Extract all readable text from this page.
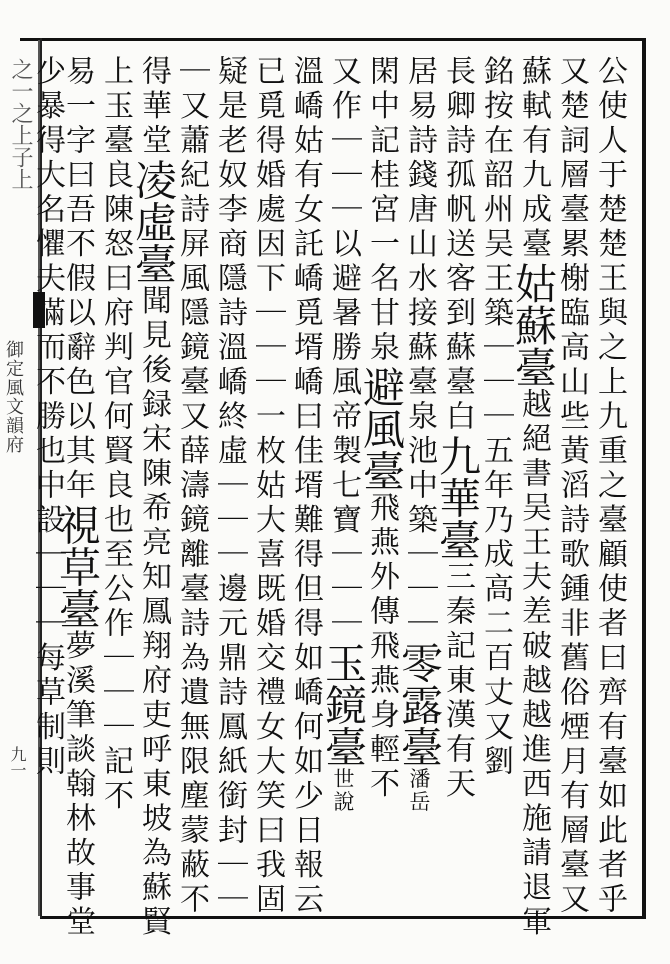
之一之上子上
御定風文韻府
九一	公使人于楚楚王與之上九重之臺顧使者曰齊有臺如此者乎
又楚詞層臺累榭臨高山些黃滔詩歌鍾非舊俗煙月有層臺又
蘇軾有九成臺姑蘇臺越絕書吴王夫差破越越進西施請退軍
銘按在韶州吴王築｜｜｜五年乃成高二百丈又劉
長卿詩孤帆送客到蘇臺白九華臺三秦記東漢有天
居易詩錢唐山水接蘇臺泉池中築｜｜｜零露臺潘岳
閑中記桂宮一名甘泉避風臺飛燕外傳飛燕身輕不
又作｜｜｜以避暑勝風帝製七寶｜｜｜玉鏡臺世說
溫嶠姑有女託嶠覓壻嶠曰佳壻難得但得如嶠何如少日報云
已覓得婚處因下｜｜｜一枚姑大喜既婚交禮女大笑曰我固
疑是老奴李商隱詩溫嶠終虛｜｜｜邊元鼎詩鳳紙銜封｜｜
｜又蕭紀詩屏風隱鏡臺又薛濤鏡離臺詩為遺無限塵蒙蔽不
得華堂凌虛臺聞見後録宋陳希亮知鳳翔府吏呼東坡為蘇賢
上玉臺良陳怒曰府判官何賢良也至公作｜｜｜記不
易一字曰吾不假以辭色以其年視草臺夢溪筆談翰林故事堂
少暴得大名懼夫滿而不勝也中設｜｜｜每草制則
